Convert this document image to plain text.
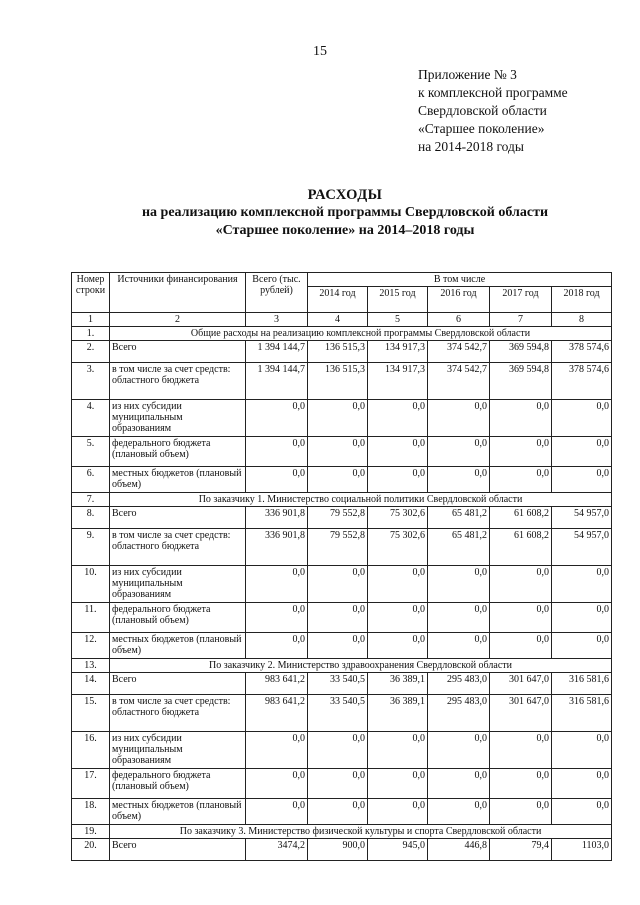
15
Приложение № 3
к комплексной программе
Свердловской области
«Старшее поколение»
на 2014-2018 годы
РАСХОДЫ
на реализацию комплексной программы Свердловской области
«Старшее поколение» на 2014–2018 годы
Номер строки	Источники финансирования	Всего (тыс. рублей)	В том числе				
			2014 год	2015 год	2016 год	2017 год	2018 год
1	2	3	4	5	6	7	8
1.	Общие расходы на реализацию комплексной программы Свердловской области						
2.	Всего	1 394 144,7	136 515,3	134 917,3	374 542,7	369 594,8	378 574,6
3.	в том числе за счет средств: областного бюджета	1 394 144,7	136 515,3	134 917,3	374 542,7	369 594,8	378 574,6
4.	из них субсидии муниципальным образованиям	0,0	0,0	0,0	0,0	0,0	0,0
5.	федерального бюджета (плановый объем)	0,0	0,0	0,0	0,0	0,0	0,0
6.	местных бюджетов (плановый объем)	0,0	0,0	0,0	0,0	0,0	0,0
7.	По заказчику 1. Министерство социальной политики Свердловской области						
8.	Всего	336 901,8	79 552,8	75 302,6	65 481,2	61 608,2	54 957,0
9.	в том числе за счет средств: областного бюджета	336 901,8	79 552,8	75 302,6	65 481,2	61 608,2	54 957,0
10.	из них субсидии муниципальным образованиям	0,0	0,0	0,0	0,0	0,0	0,0
11.	федерального бюджета (плановый объем)	0,0	0,0	0,0	0,0	0,0	0,0
12.	местных бюджетов (плановый объем)	0,0	0,0	0,0	0,0	0,0	0,0
13.	По заказчику 2. Министерство здравоохранения Свердловской области						
14.	Всего	983 641,2	33 540,5	36 389,1	295 483,0	301 647,0	316 581,6
15.	в том числе за счет средств: областного бюджета	983 641,2	33 540,5	36 389,1	295 483,0	301 647,0	316 581,6
16.	из них субсидии муниципальным образованиям	0,0	0,0	0,0	0,0	0,0	0,0
17.	федерального бюджета (плановый объем)	0,0	0,0	0,0	0,0	0,0	0,0
18.	местных бюджетов (плановый объем)	0,0	0,0	0,0	0,0	0,0	0,0
19.	По заказчику 3. Министерство физической культуры и спорта Свердловской области						
20.	Всего	3474,2	900,0	945,0	446,8	79,4	1103,0
